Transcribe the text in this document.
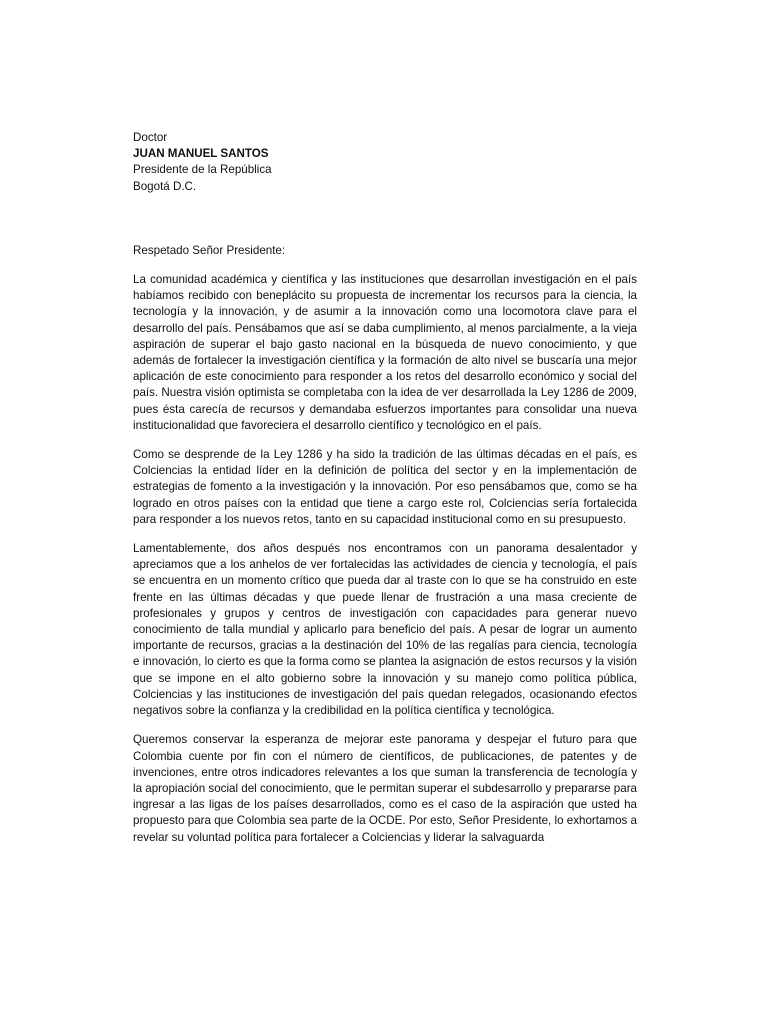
Doctor
JUAN MANUEL SANTOS
Presidente de la República
Bogotá D.C.

Respetado Señor Presidente:

La comunidad académica y científica y las instituciones que desarrollan investigación en el país habíamos recibido con beneplácito su propuesta de incrementar los recursos para la ciencia, la tecnología y la innovación, y de asumir a la innovación como una locomotora clave para el desarrollo del país. Pensábamos que así se daba cumplimiento, al menos parcialmente, a la vieja aspiración de superar el bajo gasto nacional en la búsqueda de nuevo conocimiento, y que además de fortalecer la investigación científica y la formación de alto nivel se buscaría una mejor aplicación de este conocimiento para responder a los retos del desarrollo económico y social del país. Nuestra visión optimista se completaba con la idea de ver desarrollada la Ley 1286 de 2009, pues ésta carecía de recursos y demandaba esfuerzos importantes para consolidar una nueva institucionalidad que favoreciera el desarrollo científico y tecnológico en el país.

Como se desprende de la Ley 1286 y ha sido la tradición de las últimas décadas en el país, es Colciencias la entidad líder en la definición de política del sector y en la implementación de estrategias de fomento a la investigación y la innovación. Por eso pensábamos que, como se ha logrado en otros países con la entidad que tiene a cargo este rol, Colciencias sería fortalecida para responder a los nuevos retos, tanto en su capacidad institucional como en su presupuesto.

Lamentablemente, dos años después nos encontramos con un panorama desalentador y apreciamos que a los anhelos de ver fortalecidas las actividades de ciencia y tecnología, el país se encuentra en un momento crítico que pueda dar al traste con lo que se ha construido en este frente en las últimas décadas y que puede llenar de frustración a una masa creciente de profesionales y grupos y centros de investigación con capacidades para generar nuevo conocimiento de talla mundial y aplicarlo para beneficio del país. A pesar de lograr un aumento importante de recursos, gracias a la destinación del 10% de las regalías para ciencia, tecnología e innovación, lo cierto es que la forma como se plantea la asignación de estos recursos y la visión que se impone en el alto gobierno sobre la innovación y su manejo como política pública, Colciencias y las instituciones de investigación del país quedan relegados, ocasionando efectos negativos sobre la confianza y la credibilidad en la política científica y tecnológica.

Queremos conservar la esperanza de mejorar este panorama y despejar el futuro para que Colombia cuente por fin con el número de científicos, de publicaciones, de patentes y de invenciones, entre otros indicadores relevantes a los que suman la transferencia de tecnología y la apropiación social del conocimiento, que le permitan superar el subdesarrollo y prepararse para ingresar a las ligas de los países desarrollados, como es el caso de la aspiración que usted ha propuesto para que Colombia sea parte de la OCDE. Por esto, Señor Presidente, lo exhortamos a revelar su voluntad política para fortalecer a Colciencias y liderar la salvaguarda
